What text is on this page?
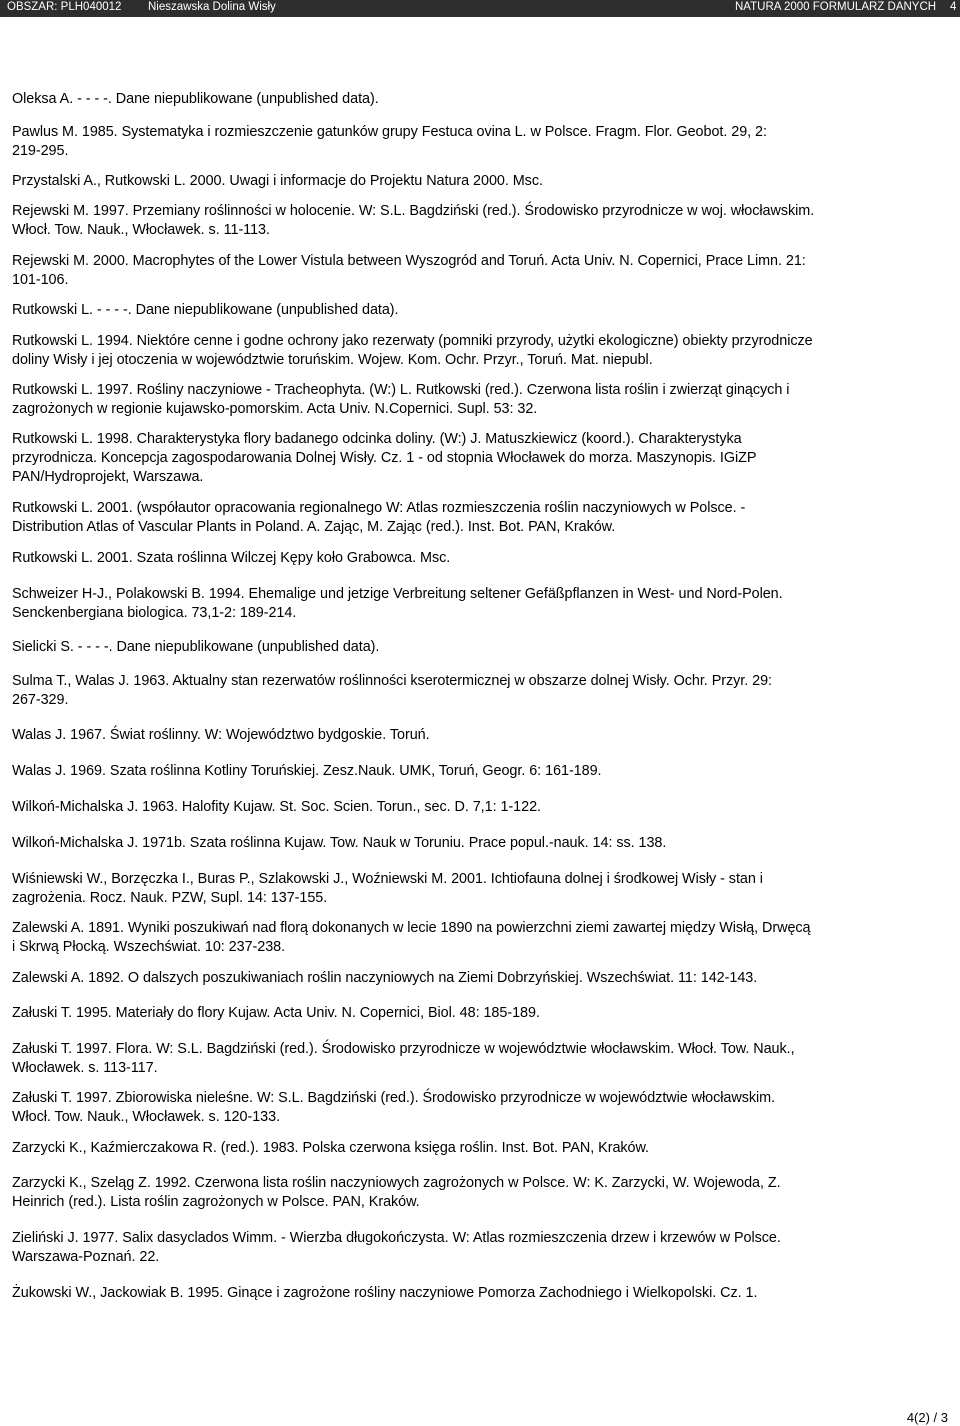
OBSZAR: PLH040012 Nieszawska Dolina Wisły	NATURA 2000 FORMULARZ DANYCH 4
Oleksa A. - - - -. Dane niepublikowane (unpublished data).
Pawlus M. 1985. Systematyka i rozmieszczenie gatunków grupy Festuca ovina L. w Polsce. Fragm. Flor. Geobot. 29, 2:
219-295.
Przystalski A., Rutkowski L. 2000. Uwagi i informacje do Projektu Natura 2000. Msc.
Rejewski M. 1997. Przemiany roślinności w holocenie. W: S.L. Bagdziński (red.). Środowisko przyrodnicze w woj. włocławskim.
Włocł. Tow. Nauk., Włocławek. s. 11-113.
Rejewski M. 2000. Macrophytes of the Lower Vistula between Wyszogród and Toruń. Acta Univ. N. Copernici, Prace Limn. 21:
101-106.
Rutkowski L. - - - -. Dane niepublikowane (unpublished data).
Rutkowski L. 1994. Niektóre cenne i godne ochrony jako rezerwaty (pomniki przyrody, użytki ekologiczne) obiekty przyrodnicze
doliny Wisły i jej otoczenia w województwie toruńskim. Wojew. Kom. Ochr. Przyr., Toruń. Mat. niepubl.
Rutkowski L. 1997. Rośliny naczyniowe - Tracheophyta. (W:) L. Rutkowski (red.). Czerwona lista roślin i zwierząt ginących i
zagrożonych w regionie kujawsko-pomorskim. Acta Univ. N.Copernici. Supl. 53: 32.
Rutkowski L. 1998. Charakterystyka flory badanego odcinka doliny. (W:) J. Matuszkiewicz (koord.). Charakterystyka
przyrodnicza. Koncepcja zagospodarowania Dolnej Wisły. Cz. 1 - od stopnia Włocławek do morza. Maszynopis. IGiZP
PAN/Hydroprojekt, Warszawa.
Rutkowski L. 2001. (współautor opracowania regionalnego W: Atlas rozmieszczenia roślin naczyniowych w Polsce. -
Distribution Atlas of Vascular Plants in Poland. A. Zając, M. Zając (red.). Inst. Bot. PAN, Kraków.
Rutkowski L. 2001. Szata roślinna Wilczej Kępy koło Grabowca. Msc.
Schweizer H-J., Polakowski B. 1994. Ehemalige und jetzige Verbreitung seltener Gefäßpflanzen in West- und Nord-Polen.
Senckenbergiana biologica. 73,1-2: 189-214.
Sielicki S. - - - -. Dane niepublikowane (unpublished data).
Sulma T., Walas J. 1963. Aktualny stan rezerwatów roślinności kserotermicznej w obszarze dolnej Wisły. Ochr. Przyr. 29:
267-329.
Walas J. 1967. Świat roślinny. W: Województwo bydgoskie. Toruń.
Walas J. 1969. Szata roślinna Kotliny Toruńskiej. Zesz.Nauk. UMK, Toruń, Geogr. 6: 161-189.
Wilkoń-Michalska J. 1963. Halofity Kujaw. St. Soc. Scien. Torun., sec. D. 7,1: 1-122.
Wilkoń-Michalska J. 1971b. Szata roślinna Kujaw. Tow. Nauk w Toruniu. Prace popul.-nauk. 14: ss. 138.
Wiśniewski W., Borzęczka I., Buras P., Szlakowski J., Woźniewski M. 2001. Ichtiofauna dolnej i środkowej Wisły - stan i
zagrożenia. Rocz. Nauk. PZW, Supl. 14: 137-155.
Zalewski A. 1891. Wyniki poszukiwań nad florą dokonanych w lecie 1890 na powierzchni ziemi zawartej między Wisłą, Drwęcą
i Skrwą Płocką. Wszechświat. 10: 237-238.
Zalewski A. 1892. O dalszych poszukiwaniach roślin naczyniowych na Ziemi Dobrzyńskiej. Wszechświat. 11: 142-143.
Załuski T. 1995. Materiały do flory Kujaw. Acta Univ. N. Copernici, Biol. 48: 185-189.
Załuski T. 1997. Flora. W: S.L. Bagdziński (red.). Środowisko przyrodnicze w województwie włocławskim. Włocł. Tow. Nauk.,
Włocławek. s. 113-117.
Załuski T. 1997. Zbiorowiska nieleśne. W: S.L. Bagdziński (red.). Środowisko przyrodnicze w województwie włocławskim.
Włocł. Tow. Nauk., Włocławek. s. 120-133.
Zarzycki K., Kaźmierczakowa R. (red.). 1983. Polska czerwona księga roślin. Inst. Bot. PAN, Kraków.
Zarzycki K., Szeląg Z. 1992. Czerwona lista roślin naczyniowych zagrożonych w Polsce. W: K. Zarzycki, W. Wojewoda, Z.
Heinrich (red.). Lista roślin zagrożonych w Polsce. PAN, Kraków.
Zieliński J. 1977. Salix dasyclados Wimm. - Wierzba długokończysta. W: Atlas rozmieszczenia drzew i krzewów w Polsce.
Warszawa-Poznań. 22.
Żukowski W., Jackowiak B. 1995. Ginące i zagrożone rośliny naczyniowe Pomorza Zachodniego i Wielkopolski. Cz. 1.
4(2) / 3
